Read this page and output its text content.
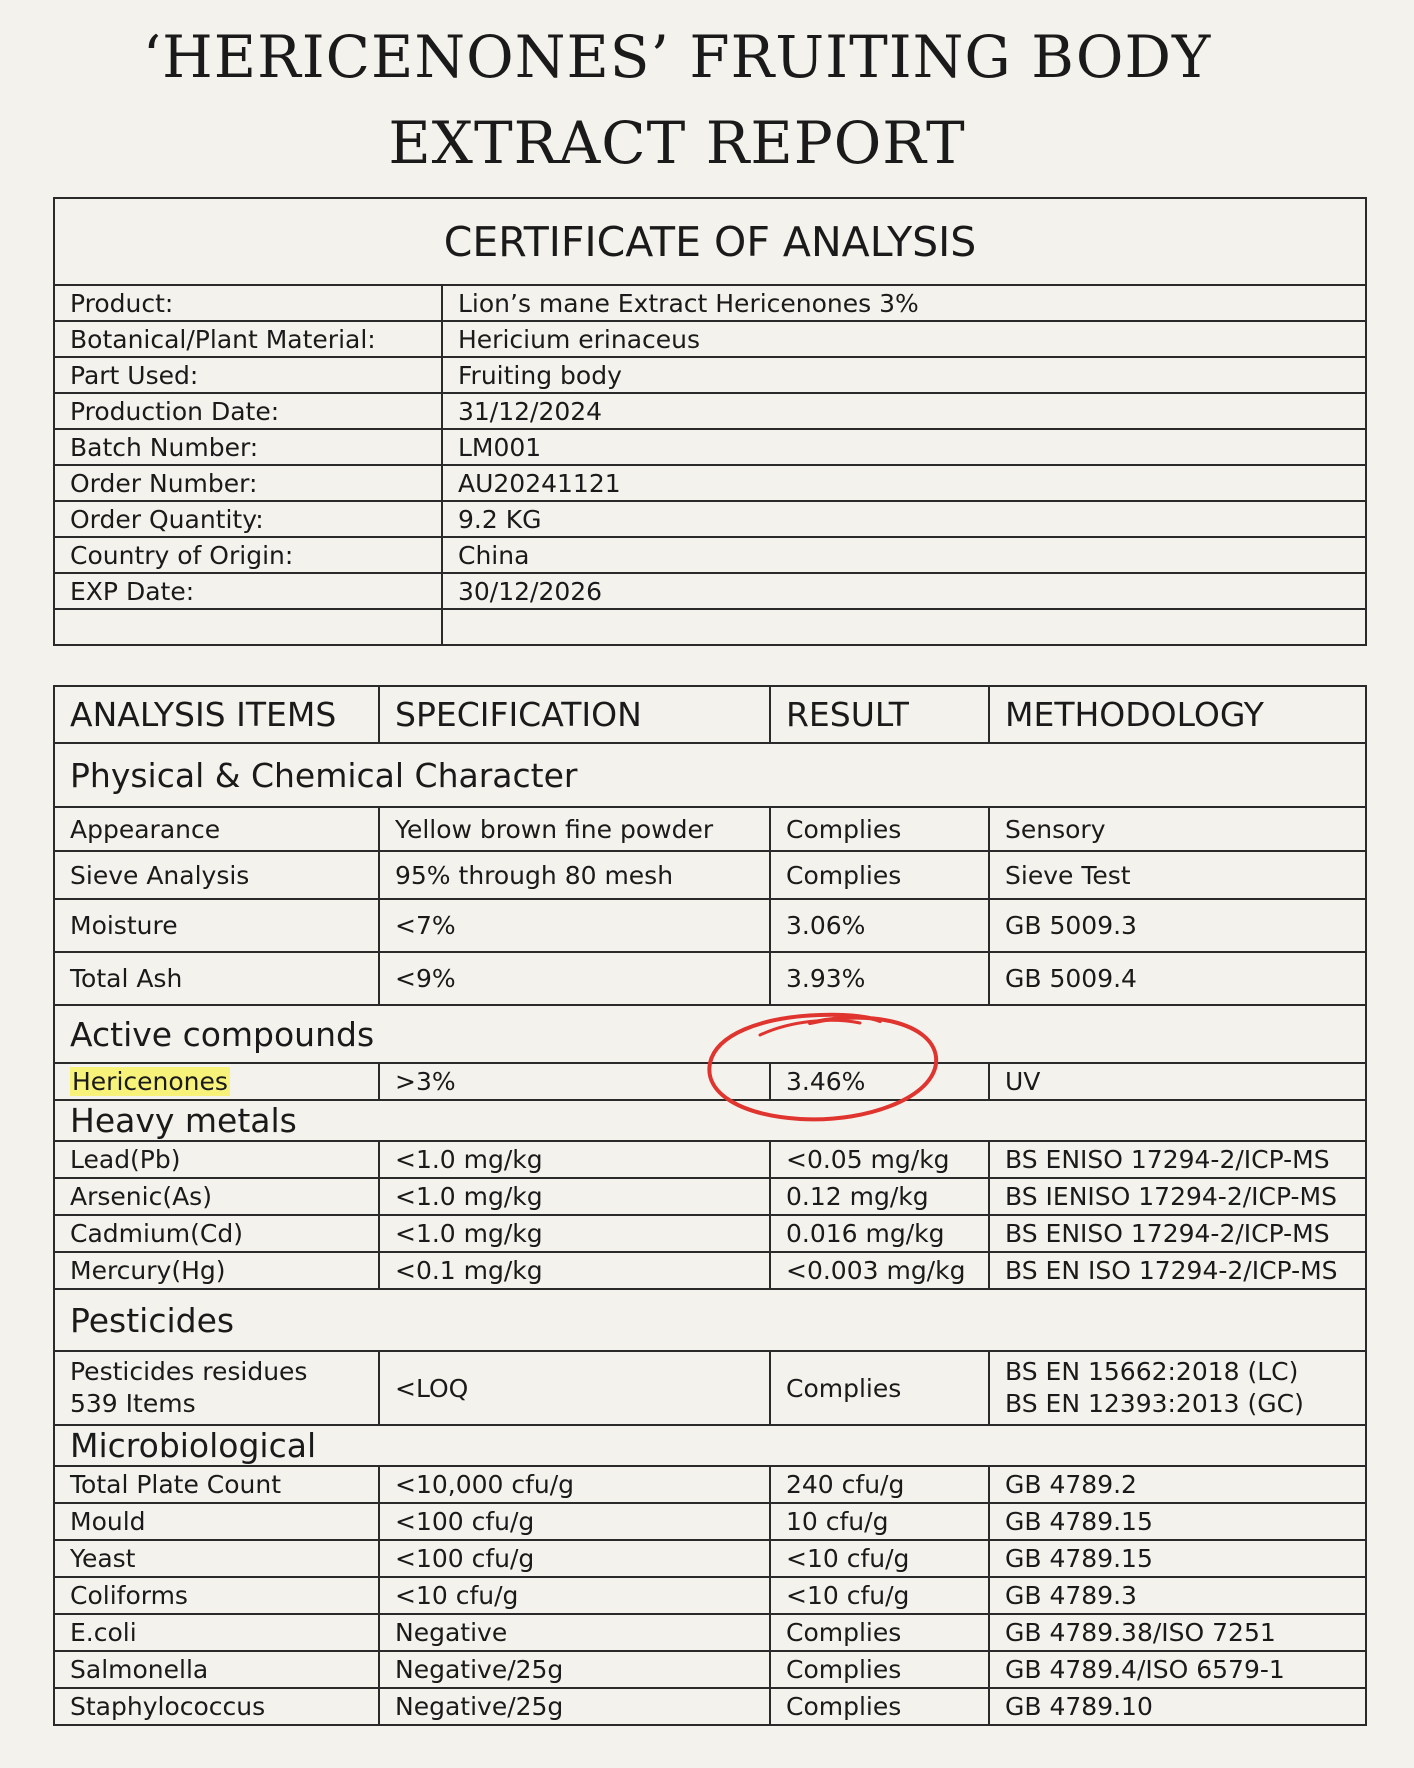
‘HERICENONES’ FRUITING BODY
EXTRACT REPORT
CERTIFICATE OF ANALYSIS	
Product:	Lion’s mane Extract Hericenones 3%
Botanical/Plant Material:	Hericium erinaceus
Part Used:	Fruiting body
Production Date:	31/12/2024
Batch Number:	LM001
Order Number:	AU20241121
Order Quantity:	9.2 KG
Country of Origin:	China
EXP Date:	30/12/2026

ANALYSIS ITEMS	SPECIFICATION	RESULT	METHODOLOGY
Physical & Chemical Character			
Appearance	Yellow brown fine powder	Complies	Sensory
Sieve Analysis	95% through 80 mesh	Complies	Sieve Test
Moisture	<7%	3.06%	GB 5009.3
Total Ash	<9%	3.93%	GB 5009.4
Active compounds			
Hericenones	>3%	3.46%	UV
Heavy metals			
Lead(Pb)	<1.0 mg/kg	<0.05 mg/kg	BS ENISO 17294-2/ICP-MS
Arsenic(As)	<1.0 mg/kg	0.12 mg/kg	BS IENISO 17294-2/ICP-MS
Cadmium(Cd)	<1.0 mg/kg	0.016 mg/kg	BS ENISO 17294-2/ICP-MS
Mercury(Hg)	<0.1 mg/kg	<0.003 mg/kg	BS EN ISO 17294-2/ICP-MS
Pesticides			
Pesticides residues
539 Items	<LOQ	Complies	BS EN 15662:2018 (LC)
BS EN 12393:2013 (GC)
Microbiological			
Total Plate Count	<10,000 cfu/g	240 cfu/g	GB 4789.2
Mould	<100 cfu/g	10 cfu/g	GB 4789.15
Yeast	<100 cfu/g	<10 cfu/g	GB 4789.15
Coliforms	<10 cfu/g	<10 cfu/g	GB 4789.3
E.coli	Negative	Complies	GB 4789.38/ISO 7251
Salmonella	Negative/25g	Complies	GB 4789.4/ISO 6579-1
Staphylococcus	Negative/25g	Complies	GB 4789.10
